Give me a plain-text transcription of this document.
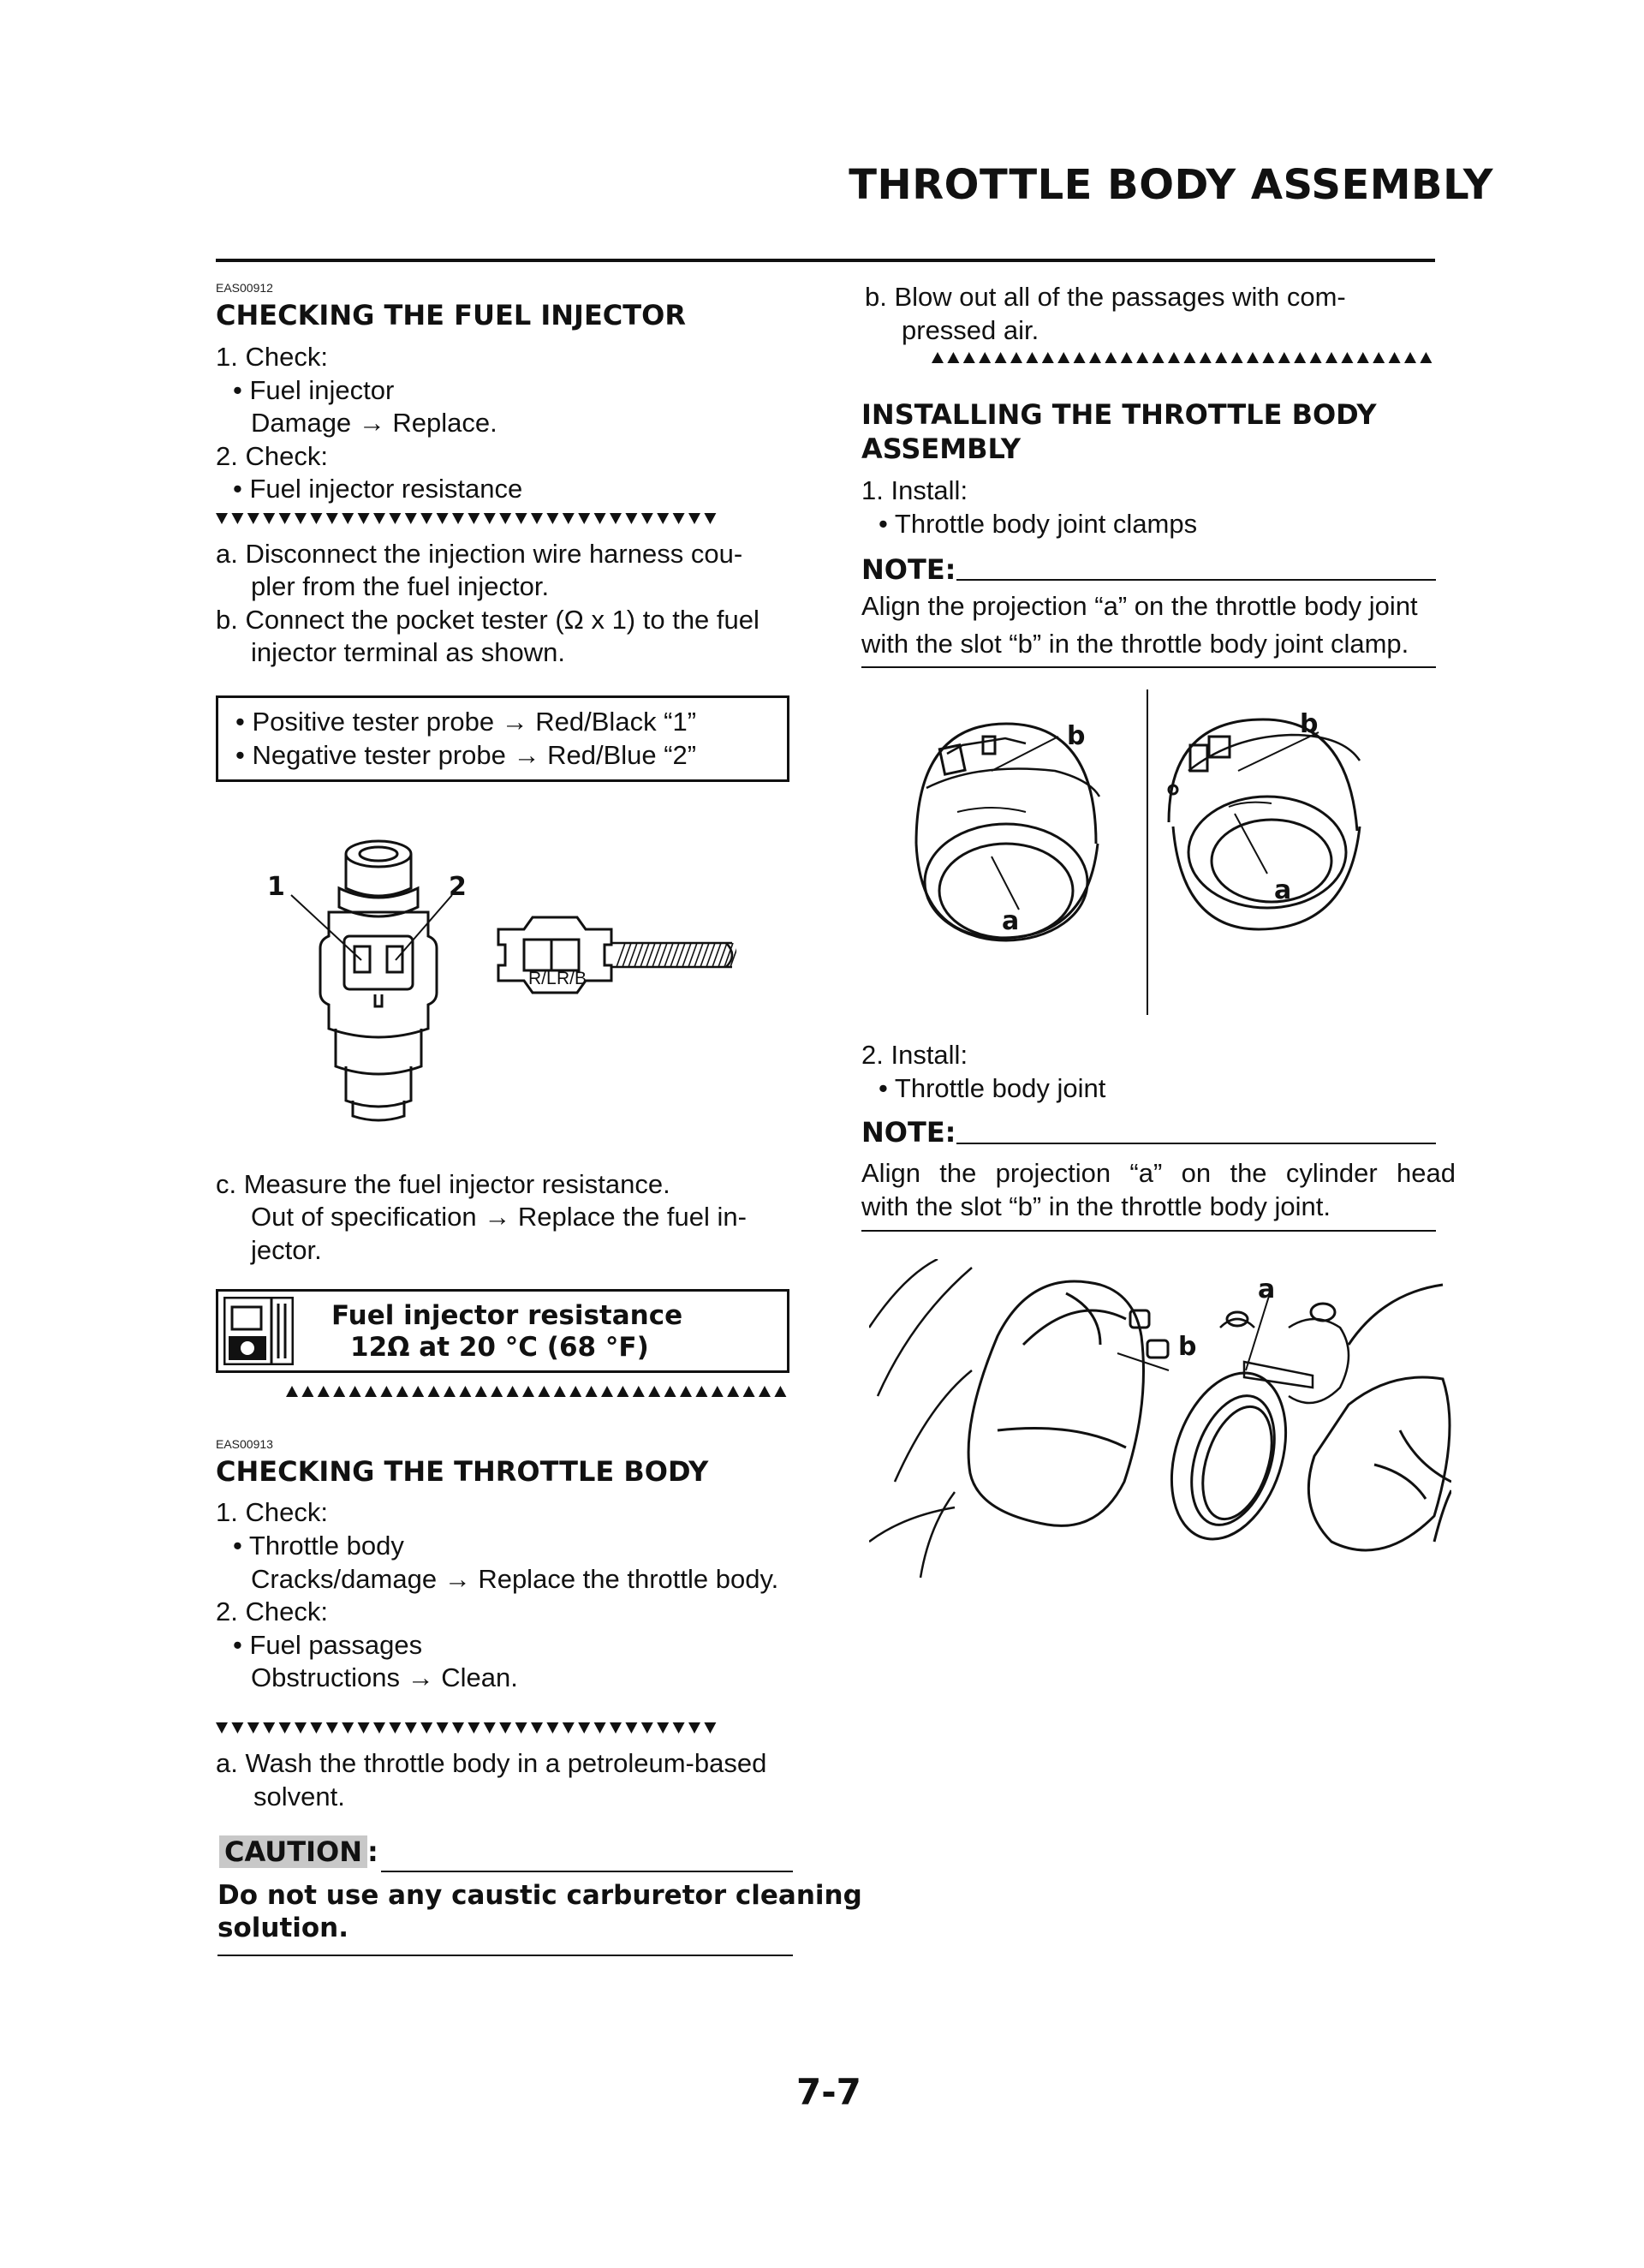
THROTTLE BODY ASSEMBLY
EAS00912
CHECKING THE FUEL INJECTOR
1. Check:
• Fuel injector
Damage → Replace.
2. Check:
• Fuel injector resistance
a. Disconnect the injection wire harness cou-
pler from the fuel injector.
b. Connect the pocket tester (Ω x 1) to the fuel
injector terminal as shown.
• Positive tester probe → Red/Black “1”
• Negative tester probe → Red/Blue “2”
1	2
R/L R/B
c. Measure the fuel injector resistance.
Out of specification → Replace the fuel in-
jector.
Fuel injector resistance
12Ω at 20 °C (68 °F)
EAS00913
CHECKING THE THROTTLE BODY
1. Check:
• Throttle body
Cracks/damage → Replace the throttle body.
2. Check:
• Fuel passages
Obstructions → Clean.
a. Wash the throttle body in a petroleum-based
solvent.
CAUTION :
Do not use any caustic carburetor cleaning
solution.
b. Blow out all of the passages with com-
pressed air.
INSTALLING THE THROTTLE BODY
ASSEMBLY
1. Install:
• Throttle body joint clamps
NOTE:
Align the projection “a” on the throttle body joint
with the slot “b” in the throttle body joint clamp.
b	b
a
a
2. Install:
• Throttle body joint
NOTE:
Align the projection “a” on the cylinder head
with the slot “b” in the throttle body joint.
a
b
7-7
